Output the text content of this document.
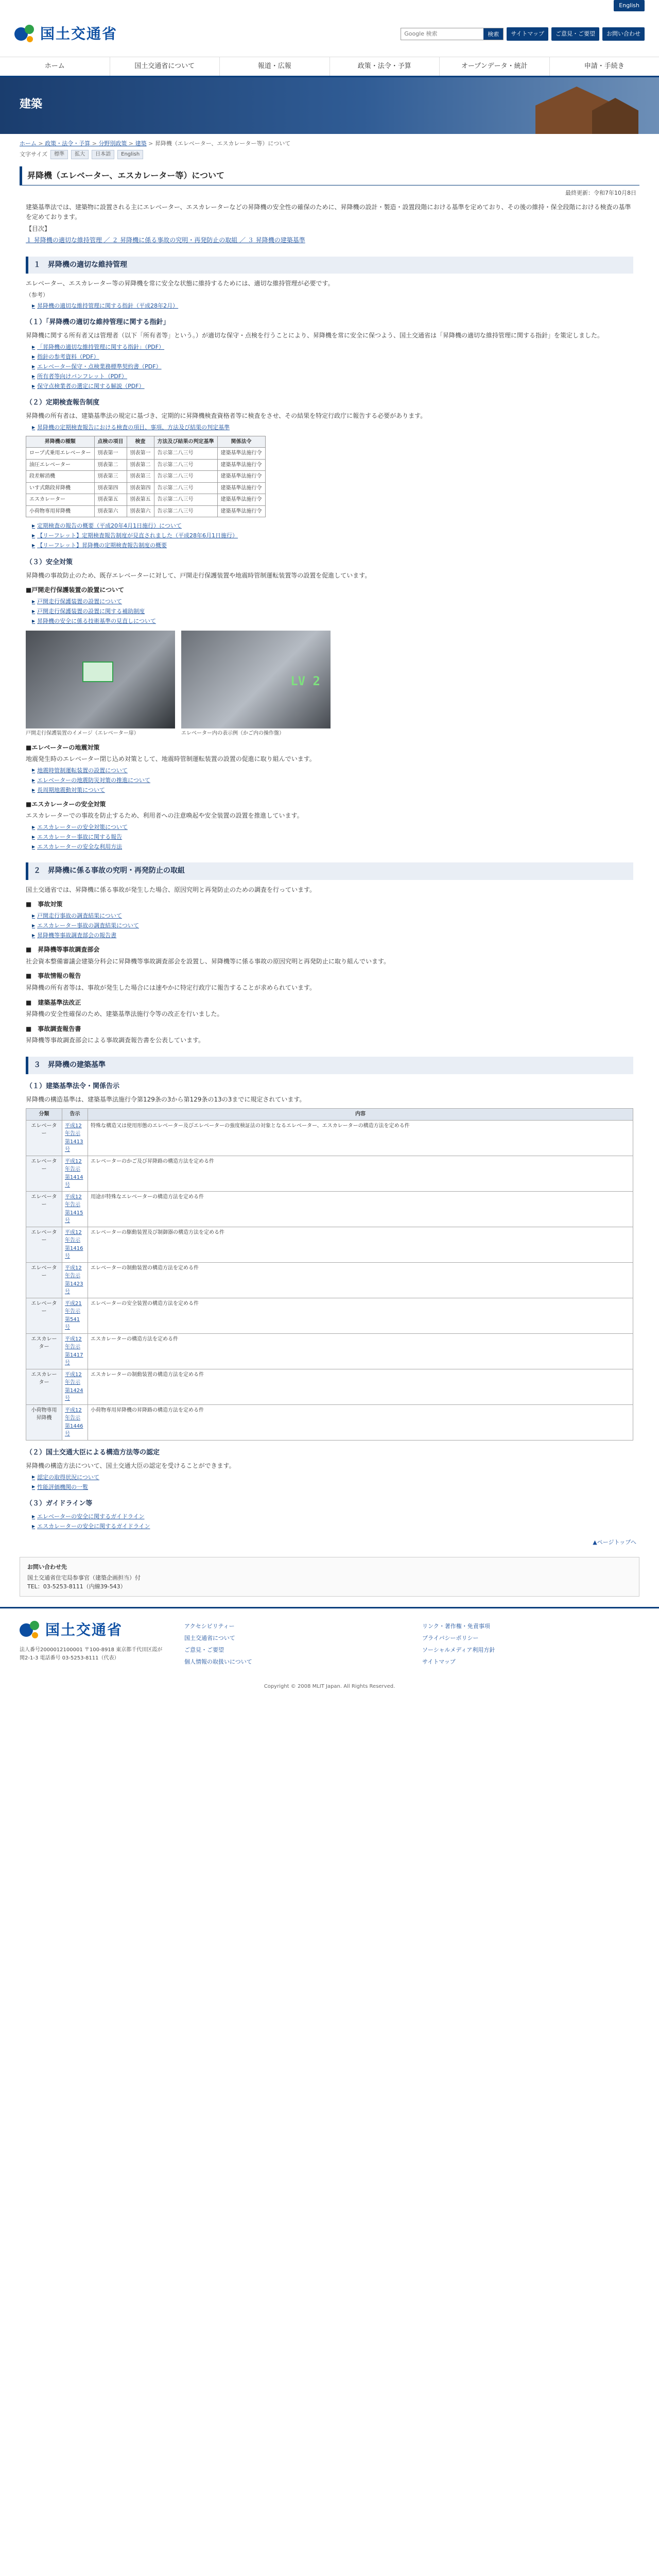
English
国土交通省
Google 検索	検索	サイトマップ	ご意見・ご要望	お問い合わせ
ホーム	国土交通省について	報道・広報	政策・法令・予算	オープンデータ・統計	申請・手続き
建築
ホーム > 政策・法令・予算 > 分野別政策 > 建築 > 昇降機（エレベーター、エスカレーター等）について
文字サイズ	標準	拡大	日本語	English
昇降機（エレベーター、エスカレーター等）について
最終更新：令和7年10月8日

建築基準法では、建築物に設置される主にエレベーター、エスカレーターなどの昇降機の安全性の確保のために、昇降機の設計・製造・設置段階における基準を定めており、その後の維持・保全段階における検査の基準を定めております。

【目次】

１ 昇降機の適切な維持管理 ／ ２ 昇降機に係る事故の究明・再発防止の取組 ／ ３ 昇降機の建築基準

１　昇降機の適切な維持管理

エレベーター、エスカレーター等の昇降機を常に安全な状態に維持するためには、適切な維持管理が必要です。

（参考）

▶ 昇降機の適切な維持管理に関する指針（平成28年2月）
（１）「昇降機の適切な維持管理に関する指針」

昇降機に関する所有者又は管理者（以下「所有者等」という。）が適切な保守・点検を行うことにより、昇降機を常に安全に保つよう、国土交通省は「昇降機の適切な維持管理に関する指針」を策定しました。

▶ 「昇降機の適切な維持管理に関する指針」（PDF）
▶ 指針の参考資料（PDF）
▶ エレベーター保守・点検業務標準契約書（PDF）
▶ 所有者等向けパンフレット（PDF）
▶ 保守点検業者の選定に関する解説（PDF）
（２）定期検査報告制度

昇降機の所有者は、建築基準法の規定に基づき、定期的に昇降機検査資格者等に検査をさせ、その結果を特定行政庁に報告する必要があります。

▶ 昇降機の定期検査報告における検査の項目、事項、方法及び結果の判定基準
昇降機の種類	点検の項目	検査	方法及び結果の判定基準	関係法令
ロープ式乗用エレベーター	別表第一	別表第一	告示第二八三号	建築基準法施行令
油圧エレベーター	別表第二	別表第二	告示第二八三号	建築基準法施行令
段差解消機	別表第三	別表第三	告示第二八三号	建築基準法施行令
いす式階段昇降機	別表第四	別表第四	告示第二八三号	建築基準法施行令
エスカレーター	別表第五	別表第五	告示第二八三号	建築基準法施行令
小荷物専用昇降機	別表第六	別表第六	告示第二八三号	建築基準法施行令
▶ 定期検査の報告の概要（平成20年4月1日施行）について
▶ 【リーフレット】定期検査報告制度が見直されました（平成28年6月1日施行）
▶ 【リーフレット】昇降機の定期検査報告制度の概要
（３）安全対策

昇降機の事故防止のため、既存エレベーターに対して、戸開走行保護装置や地震時管制運転装置等の設置を促進しています。

■戸開走行保護装置の設置について
▶ 戸開走行保護装置の設置について
▶ 戸開走行保護装置の設置に関する補助制度
▶ 昇降機の安全に係る技術基準の見直しについて
戸開走行保護装置のイメージ（エレベーター扉）
LV 2
エレベーター内の表示例（かご内の操作盤）
■エレベーターの地震対策

地震発生時のエレベーター閉じ込め対策として、地震時管制運転装置の設置の促進に取り組んでいます。

▶ 地震時管制運転装置の設置について
▶ エレベーターの地震防災対策の推進について
▶ 長周期地震動対策について
■エスカレーターの安全対策

エスカレーターでの事故を防止するため、利用者への注意喚起や安全装置の設置を推進しています。

▶ エスカレーターの安全対策について
▶ エスカレーター事故に関する報告
▶ エスカレーターの安全な利用方法
２　昇降機に係る事故の究明・再発防止の取組

国土交通省では、昇降機に係る事故が発生した場合、原因究明と再発防止のための調査を行っています。

■　事故対策
▶ 戸開走行事故の調査結果について
▶ エスカレーター事故の調査結果について
▶ 昇降機等事故調査部会の報告書
■　昇降機等事故調査部会

社会資本整備審議会建築分科会に昇降機等事故調査部会を設置し、昇降機等に係る事故の原因究明と再発防止に取り組んでいます。

■　事故情報の報告

昇降機の所有者等は、事故が発生した場合には速やかに特定行政庁に報告することが求められています。

■　建築基準法改正

昇降機の安全性確保のため、建築基準法施行令等の改正を行いました。

■　事故調査報告書

昇降機等事故調査部会による事故調査報告書を公表しています。

３　昇降機の建築基準
（１）建築基準法令・関係告示

昇降機の構造基準は、建築基準法施行令第129条の3から第129条の13の3までに規定されています。

分類	告示	内容
エレベーター	平成12年告示第1413号	特殊な構造又は使用形態のエレベーター及びエレベーターの強度検証法の対象となるエレベーター、エスカレーターの構造方法を定める件
エレベーター	平成12年告示第1414号	エレベーターのかご及び昇降路の構造方法を定める件
エレベーター	平成12年告示第1415号	用途が特殊なエレベーターの構造方法を定める件
エレベーター	平成12年告示第1416号	エレベーターの駆動装置及び制御器の構造方法を定める件
エレベーター	平成12年告示第1423号	エレベーターの制動装置の構造方法を定める件
エレベーター	平成21年告示第541号	エレベーターの安全装置の構造方法を定める件
エスカレーター	平成12年告示第1417号	エスカレーターの構造方法を定める件
エスカレーター	平成12年告示第1424号	エスカレーターの制動装置の構造方法を定める件
小荷物専用昇降機	平成12年告示第1446号	小荷物専用昇降機の昇降路の構造方法を定める件
（２）国土交通大臣による構造方法等の認定

昇降機の構造方法について、国土交通大臣の認定を受けることができます。

▶ 認定の取得状況について
▶ 性能評価機関の一覧
（３）ガイドライン等
▶ エレベーターの安全に関するガイドライン
▶ エスカレーターの安全に関するガイドライン
▲ページトップへ
お問い合わせ先
国土交通省住宅局参事官（建築企画担当）付
TEL：03-5253-8111（内線39-543）
国土交通省
法人番号2000012100001 〒100-8918 東京都千代田区霞が関2-1-3 電話番号 03-5253-8111（代表）
アクセシビリティー
国土交通省について
ご意見・ご要望
個人情報の取扱いについて
リンク・著作権・免責事項
プライバシーポリシー
ソーシャルメディア利用方針
サイトマップ
Copyright © 2008 MLIT Japan. All Rights Reserved.
